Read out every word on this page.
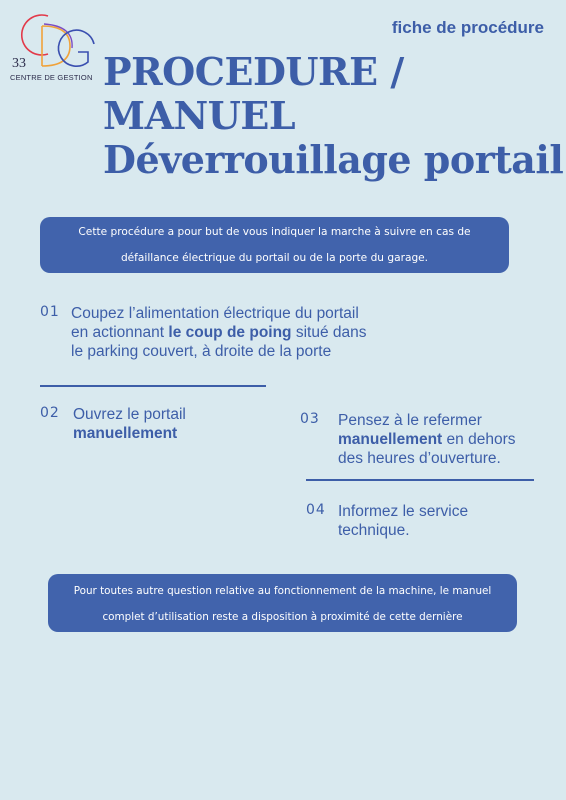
33
CENTRE DE GESTION
fiche de procédure
PROCEDURE /
MANUEL
Déverrouillage portail
Cette procédure a pour but de vous indiquer la marche à suivre en cas de
défaillance électrique du portail ou de la porte du garage.
01 Coupez l’alimentation électrique du portail
en actionnant le coup de poing situé dans
le parking couvert, à droite de la porte
02 Ouvrez le portail
manuellement
03 Pensez à le refermer
manuellement en dehors
des heures d’ouverture.
04 Informez le service
technique.
Pour toutes autre question relative au fonctionnement de la machine, le manuel
complet d’utilisation reste a disposition à proximité de cette dernière
